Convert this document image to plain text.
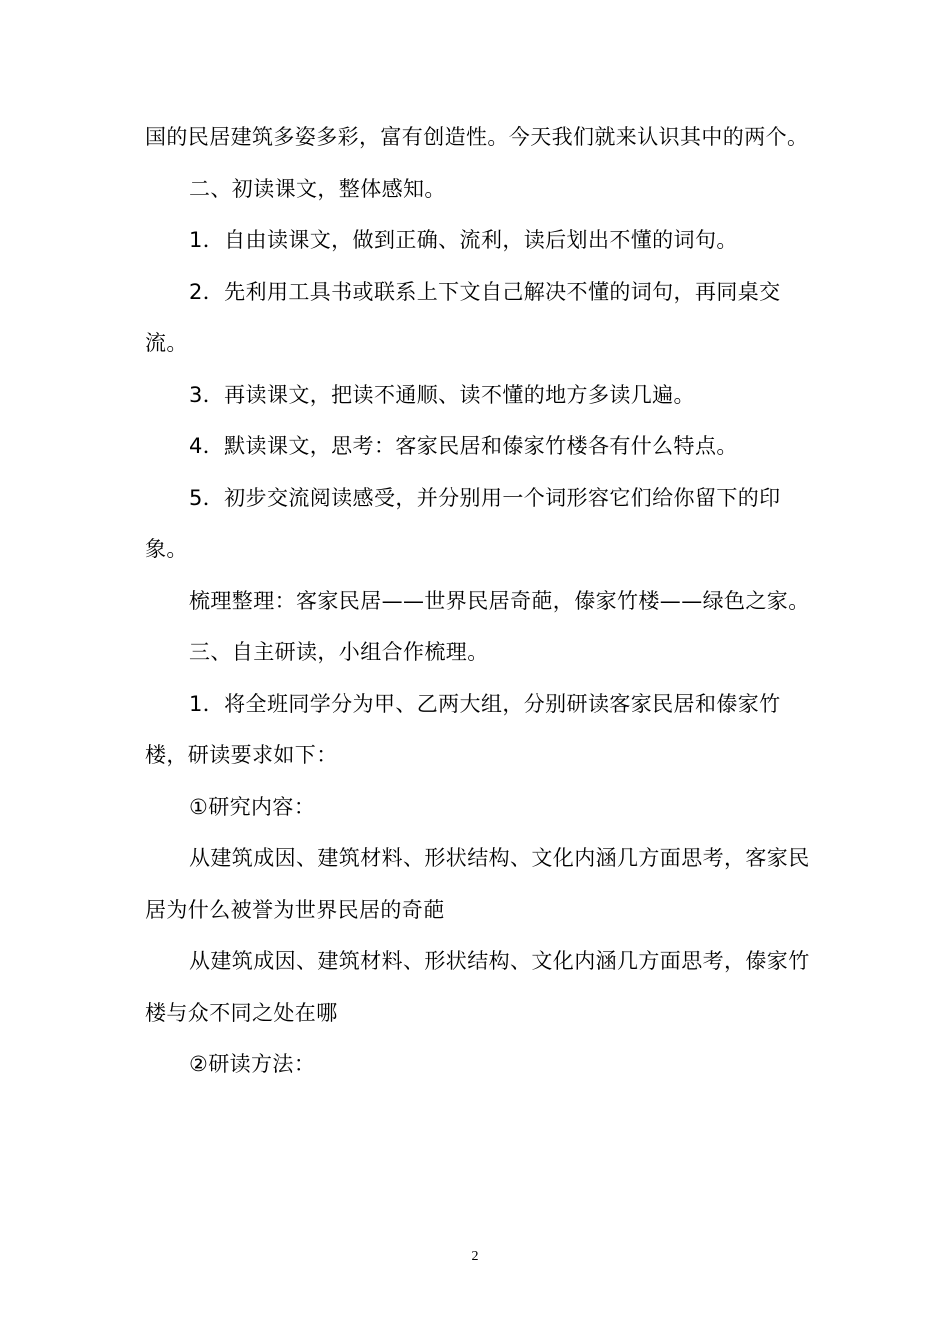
国的民居建筑多姿多彩，富有创造性。今天我们就来认识其中的两个。

二、初读课文，整体感知。

1．自由读课文，做到正确、流利，读后划出不懂的词句。

2．先利用工具书或联系上下文自己解决不懂的词句，再同桌交流。

3．再读课文，把读不通顺、读不懂的地方多读几遍。

4．默读课文，思考：客家民居和傣家竹楼各有什么特点。

5．初步交流阅读感受，并分别用一个词形容它们给你留下的印象。

梳理整理：客家民居——世界民居奇葩，傣家竹楼——绿色之家。

三、自主研读，小组合作梳理。

1．将全班同学分为甲、乙两大组，分别研读客家民居和傣家竹楼，研读要求如下：

①研究内容：

从建筑成因、建筑材料、形状结构、文化内涵几方面思考，客家民居为什么被誉为世界民居的奇葩

从建筑成因、建筑材料、形状结构、文化内涵几方面思考，傣家竹楼与众不同之处在哪

②研读方法：

2
